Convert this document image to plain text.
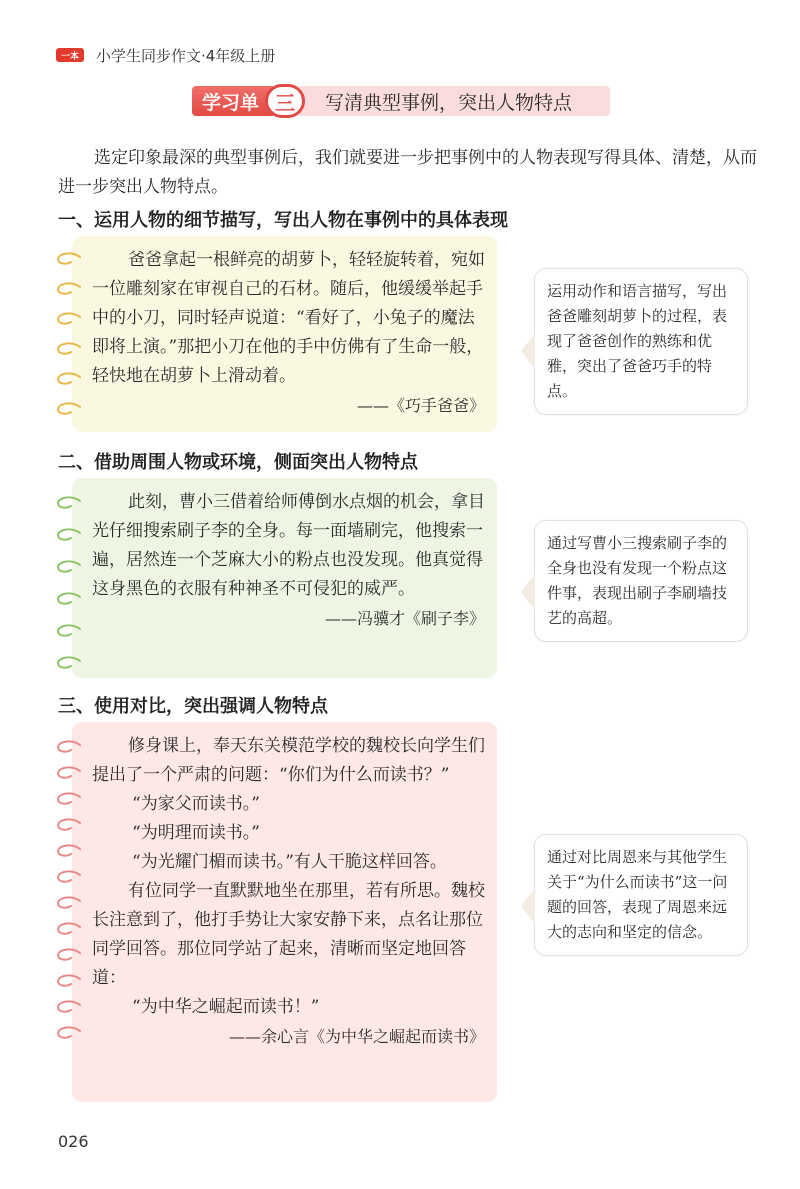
一本	小学生同步作文·4年级上册
学习单 三	写清典型事例，突出人物特点
选定印象最深的典型事例后，我们就要进一步把事例中的人物表现写得具体、清楚，从而进一步突出人物特点。
一、运用人物的细节描写，写出人物在事例中的具体表现

爸爸拿起一根鲜亮的胡萝卜，轻轻旋转着，宛如一位雕刻家在审视自己的石材。随后，他缓缓举起手中的小刀，同时轻声说道：“看好了，小兔子的魔法即将上演。”那把小刀在他的手中仿佛有了生命一般，轻快地在胡萝卜上滑动着。

——《巧手爸爸》
运用动作和语言描写，写出爸爸雕刻胡萝卜的过程，表现了爸爸创作的熟练和优雅，突出了爸爸巧手的特点。
二、借助周围人物或环境，侧面突出人物特点

此刻，曹小三借着给师傅倒水点烟的机会，拿目光仔细搜索刷子李的全身。每一面墙刷完，他搜索一遍，居然连一个芝麻大小的粉点也没发现。他真觉得这身黑色的衣服有种神圣不可侵犯的威严。

——冯骥才《刷子李》
通过写曹小三搜索刷子李的全身也没有发现一个粉点这件事，表现出刷子李刷墙技艺的高超。
三、使用对比，突出强调人物特点

修身课上，奉天东关模范学校的魏校长向学生们提出了一个严肃的问题：“你们为什么而读书？”

“为家父而读书。”

“为明理而读书。”

“为光耀门楣而读书。”有人干脆这样回答。

有位同学一直默默地坐在那里，若有所思。魏校长注意到了，他打手势让大家安静下来，点名让那位同学回答。那位同学站了起来，清晰而坚定地回答道：

“为中华之崛起而读书！”

——余心言《为中华之崛起而读书》
通过对比周恩来与其他学生关于“为什么而读书”这一问题的回答，表现了周恩来远大的志向和坚定的信念。
026
